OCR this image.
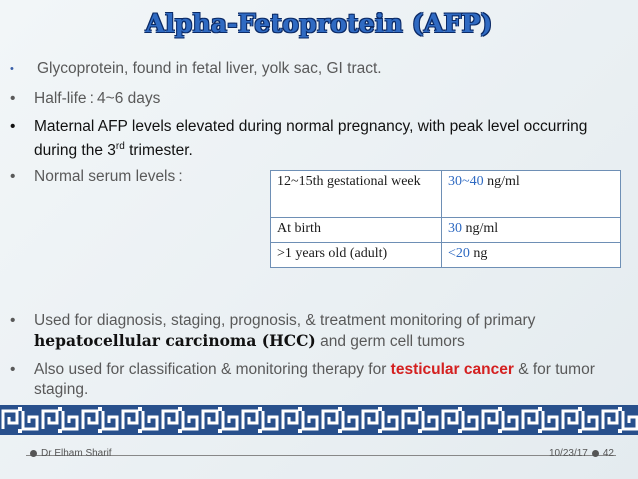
Alpha-Fetoprotein (AFP)
• Glycoprotein, found in fetal liver, yolk sac, GI tract.
• Half-life : 4~6 days
• Maternal AFP levels elevated during normal pregnancy, with peak level occurring during the 3rd trimester.
• Normal serum levels :	12~15th gestational week	30~40 ng/ml
At birth	30 ng/ml
>1 years old (adult)	<20 ng
• Used for diagnosis, staging, prognosis, & treatment monitoring of primary hepatocellular carcinoma (HCC) and germ cell tumors
• Also used for classification & monitoring therapy for testicular cancer & for tumor staging.
Dr Elham Sharif	10/23/17 42
